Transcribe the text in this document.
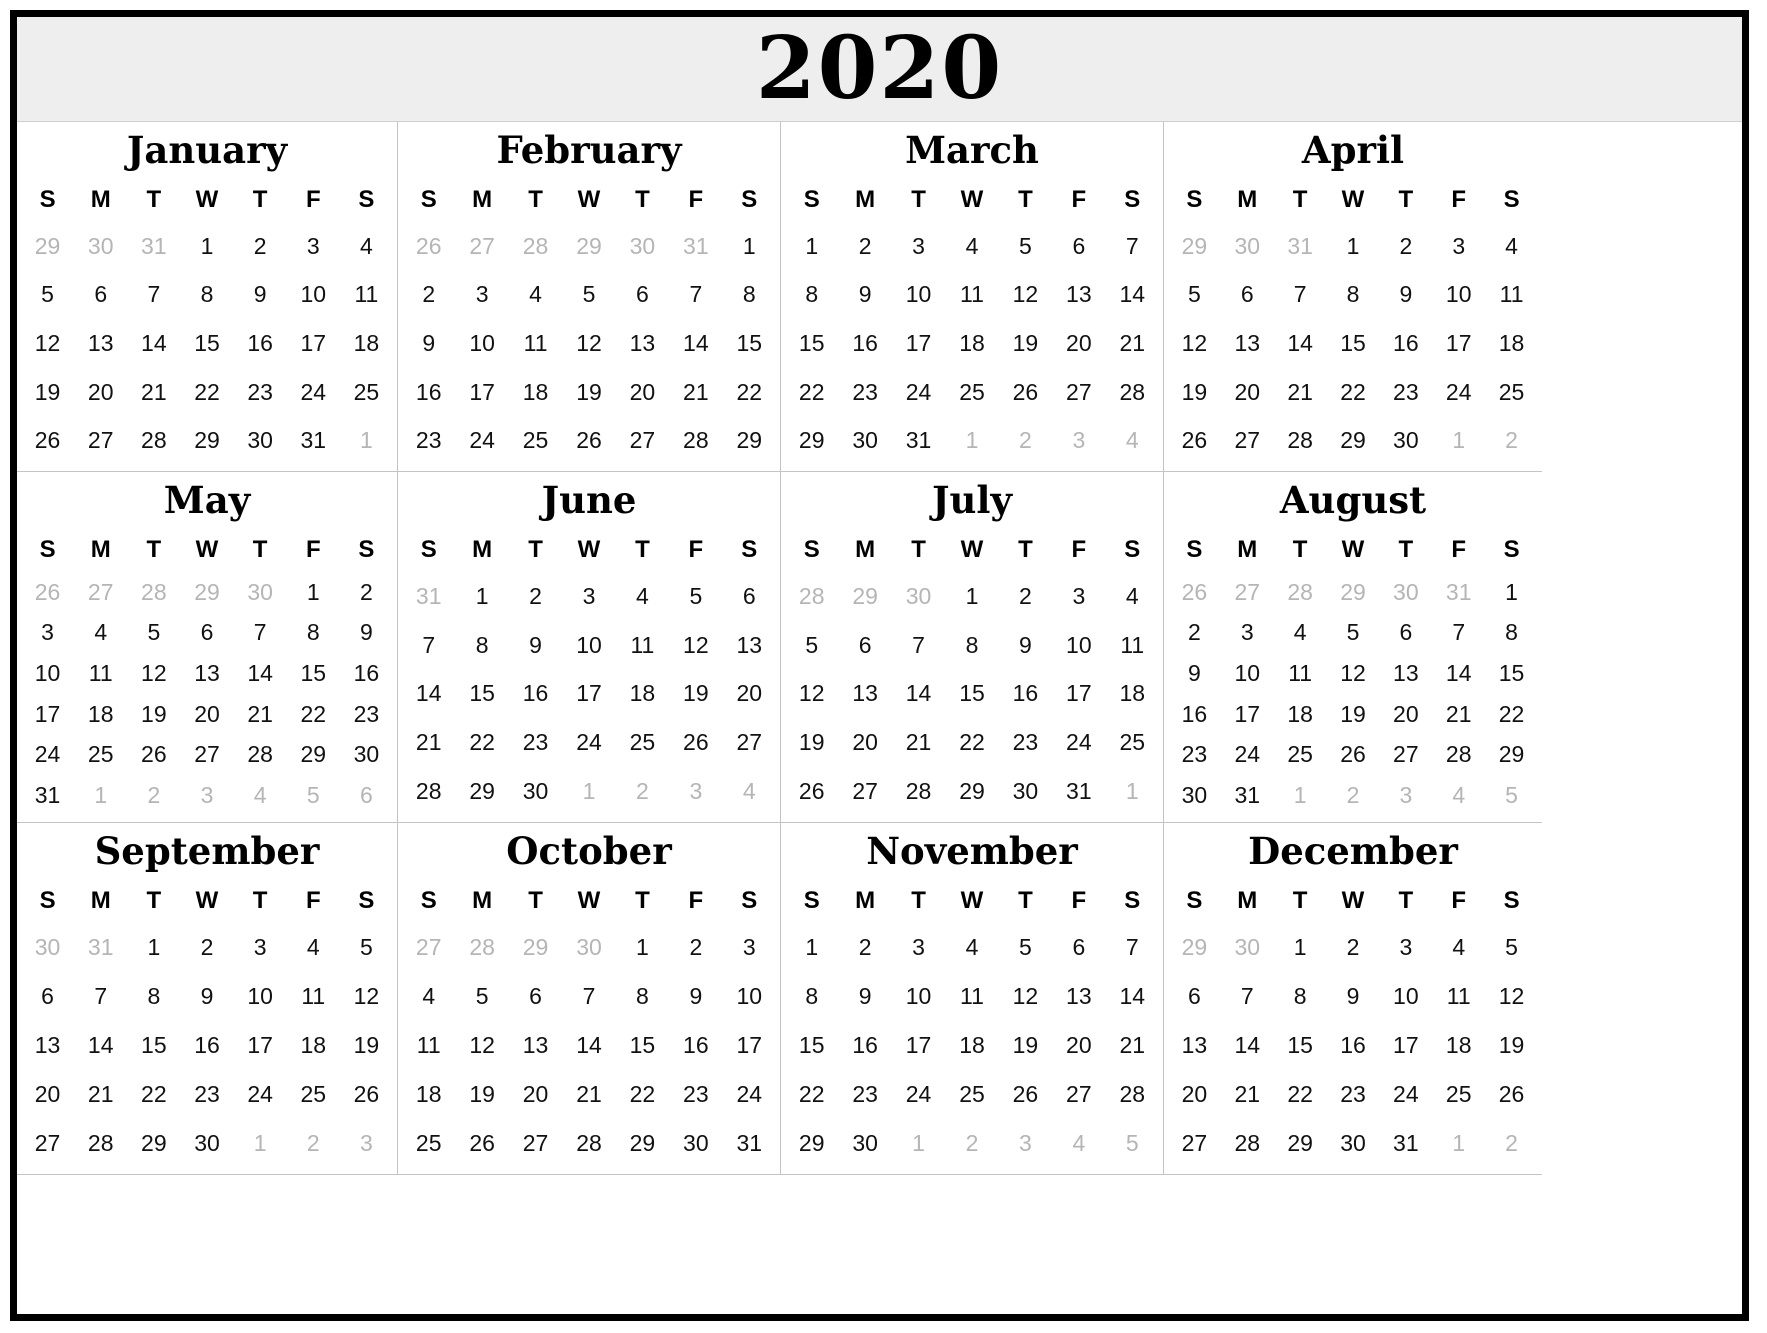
2020
January
S	M	T	W	T	F	S
29	30	31	1	2	3	4
5	6	7	8	9	10	11
12	13	14	15	16	17	18
19	20	21	22	23	24	25
26	27	28	29	30	31	1
February
S	M	T	W	T	F	S
26	27	28	29	30	31	1
2	3	4	5	6	7	8
9	10	11	12	13	14	15
16	17	18	19	20	21	22
23	24	25	26	27	28	29
March
S	M	T	W	T	F	S
1	2	3	4	5	6	7
8	9	10	11	12	13	14
15	16	17	18	19	20	21
22	23	24	25	26	27	28
29	30	31	1	2	3	4
April
S	M	T	W	T	F	S
29	30	31	1	2	3	4
5	6	7	8	9	10	11
12	13	14	15	16	17	18
19	20	21	22	23	24	25
26	27	28	29	30	1	2
May
S	M	T	W	T	F	S
26	27	28	29	30	1	2
3	4	5	6	7	8	9
10	11	12	13	14	15	16
17	18	19	20	21	22	23
24	25	26	27	28	29	30
31	1	2	3	4	5	6
June
S	M	T	W	T	F	S
31	1	2	3	4	5	6
7	8	9	10	11	12	13
14	15	16	17	18	19	20
21	22	23	24	25	26	27
28	29	30	1	2	3	4
July
S	M	T	W	T	F	S
28	29	30	1	2	3	4
5	6	7	8	9	10	11
12	13	14	15	16	17	18
19	20	21	22	23	24	25
26	27	28	29	30	31	1
August
S	M	T	W	T	F	S
26	27	28	29	30	31	1
2	3	4	5	6	7	8
9	10	11	12	13	14	15
16	17	18	19	20	21	22
23	24	25	26	27	28	29
30	31	1	2	3	4	5
September
S	M	T	W	T	F	S
30	31	1	2	3	4	5
6	7	8	9	10	11	12
13	14	15	16	17	18	19
20	21	22	23	24	25	26
27	28	29	30	1	2	3
October
S	M	T	W	T	F	S
27	28	29	30	1	2	3
4	5	6	7	8	9	10
11	12	13	14	15	16	17
18	19	20	21	22	23	24
25	26	27	28	29	30	31
November
S	M	T	W	T	F	S
1	2	3	4	5	6	7
8	9	10	11	12	13	14
15	16	17	18	19	20	21
22	23	24	25	26	27	28
29	30	1	2	3	4	5
December
S	M	T	W	T	F	S
29	30	1	2	3	4	5
6	7	8	9	10	11	12
13	14	15	16	17	18	19
20	21	22	23	24	25	26
27	28	29	30	31	1	2
